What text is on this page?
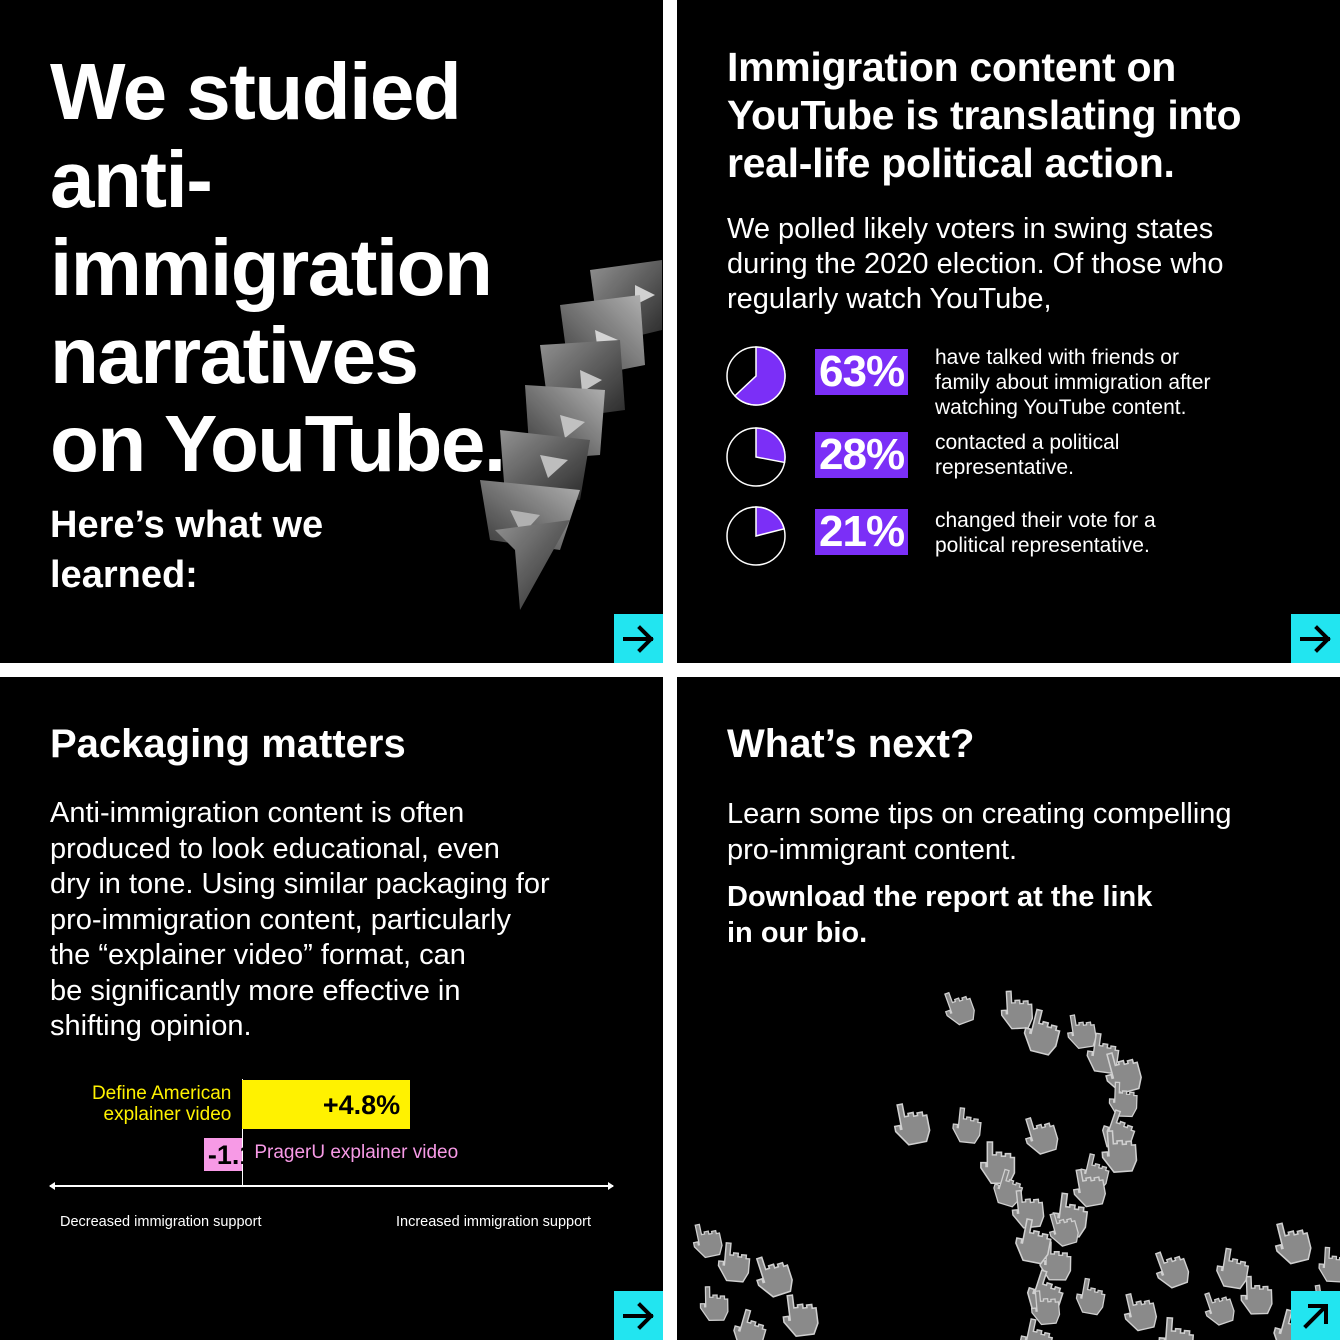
We studied
anti-
immigration
narratives
on YouTube.

Here’s what we
learned:

Immigration content on
YouTube is translating into
real-life political action.

We polled likely voters in swing states
during the 2020 election. Of those who
regularly watch YouTube,

63% have talked with friends or
family about immigration after
watching YouTube content.
28% contacted a political
representative.
21% changed their vote for a
political representative.
Packaging matters

Anti-immigration content is often
produced to look educational, even
dry in tone. Using similar packaging for
pro-immigration content, particularly
the “explainer video” format, can
be significantly more effective in
shifting opinion.

+4.8%
-1.1%
Define American
explainer video
PragerU explainer video
Decreased immigration support	Increased immigration support
What’s next?

Learn some tips on creating compelling
pro-immigrant content.

Download the report at the link
in our bio.
